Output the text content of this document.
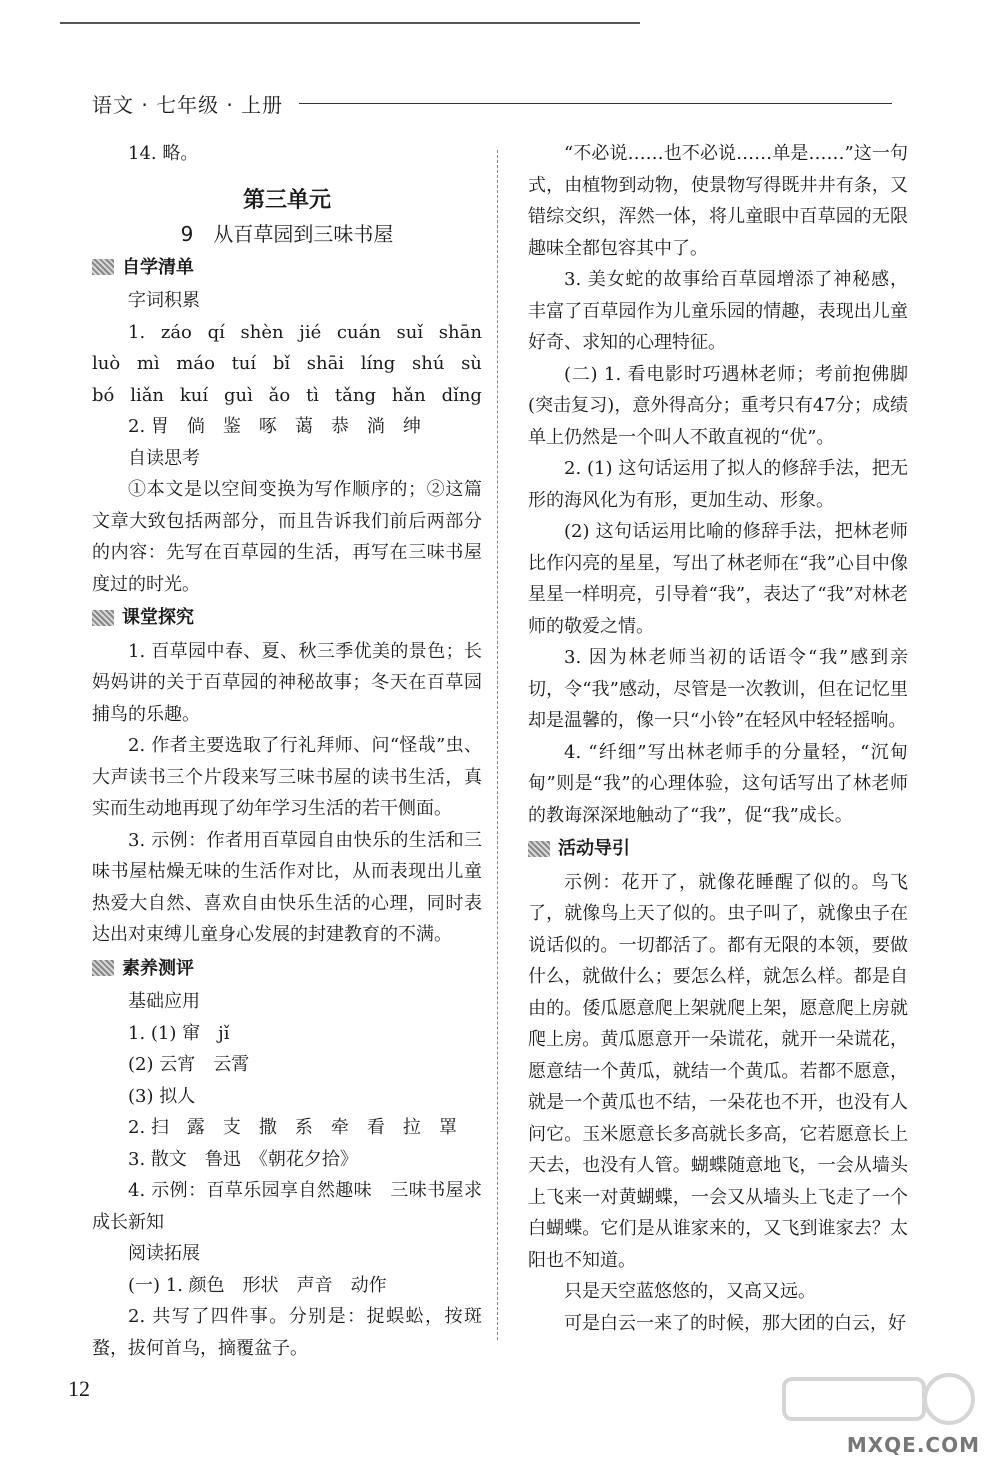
语文 · 七年级 · 上册

14. 略。

第三单元

9　从百草园到三味书屋

自学清单

字词积累

1. záo qí shèn jié cuán suǐ shān
luò mì máo tuí bǐ shāi líng shú sù
bó liǎn kuí guì ǎo tì tǎng hǎn dǐng

2. 胃　倘　鉴　啄　蔼　恭　淌　绅

自读思考

①本文是以空间变换为写作顺序的；②这篇文章大致包括两部分，而且告诉我们前后两部分的内容：先写在百草园的生活，再写在三味书屋度过的时光。

课堂探究

1. 百草园中春、夏、秋三季优美的景色；长妈妈讲的关于百草园的神秘故事；冬天在百草园捕鸟的乐趣。

2. 作者主要选取了行礼拜师、问“怪哉”虫、大声读书三个片段来写三味书屋的读书生活，真实而生动地再现了幼年学习生活的若干侧面。

3. 示例：作者用百草园自由快乐的生活和三味书屋枯燥无味的生活作对比，从而表现出儿童热爱大自然、喜欢自由快乐生活的心理，同时表达出对束缚儿童身心发展的封建教育的不满。

素养测评

基础应用

1. (1) 窜　jǐ

(2) 云宵　云霄

(3) 拟人

2. 扫　露　支　撒　系　牵　看　拉　罩

3. 散文　鲁迅　《朝花夕拾》

4. 示例：百草乐园享自然趣味　三味书屋求成长新知

阅读拓展

(一) 1. 颜色　形状　声音　动作

2. 共写了四件事。分别是：捉蜈蚣，按斑蝥，拔何首乌，摘覆盆子。

“不必说……也不必说……单是……”这一句式，由植物到动物，使景物写得既井井有条，又错综交织，浑然一体，将儿童眼中百草园的无限趣味全都包容其中了。

3. 美女蛇的故事给百草园增添了神秘感，丰富了百草园作为儿童乐园的情趣，表现出儿童好奇、求知的心理特征。

(二) 1. 看电影时巧遇林老师；考前抱佛脚(突击复习)，意外得高分；重考只有47分；成绩单上仍然是一个叫人不敢直视的“优”。

2. (1) 这句话运用了拟人的修辞手法，把无形的海风化为有形，更加生动、形象。

(2) 这句话运用比喻的修辞手法，把林老师比作闪亮的星星，写出了林老师在“我”心目中像星星一样明亮，引导着“我”，表达了“我”对林老师的敬爱之情。

3. 因为林老师当初的话语令“我”感到亲切，令“我”感动，尽管是一次教训，但在记忆里却是温馨的，像一只“小铃”在轻风中轻轻摇响。

4. “纤细”写出林老师手的分量轻，“沉甸甸”则是“我”的心理体验，这句话写出了林老师的教诲深深地触动了“我”，促“我”成长。

活动导引

示例：花开了，就像花睡醒了似的。鸟飞了，就像鸟上天了似的。虫子叫了，就像虫子在说话似的。一切都活了。都有无限的本领，要做什么，就做什么；要怎么样，就怎么样。都是自由的。倭瓜愿意爬上架就爬上架，愿意爬上房就爬上房。黄瓜愿意开一朵谎花，就开一朵谎花，愿意结一个黄瓜，就结一个黄瓜。若都不愿意，就是一个黄瓜也不结，一朵花也不开，也没有人问它。玉米愿意长多高就长多高，它若愿意长上天去，也没有人管。蝴蝶随意地飞，一会从墙头上飞来一对黄蝴蝶，一会又从墙头上飞走了一个白蝴蝶。它们是从谁家来的，又飞到谁家去？太阳也不知道。

只是天空蓝悠悠的，又高又远。

可是白云一来了的时候，那大团的白云，好

12
MXQE.COM
